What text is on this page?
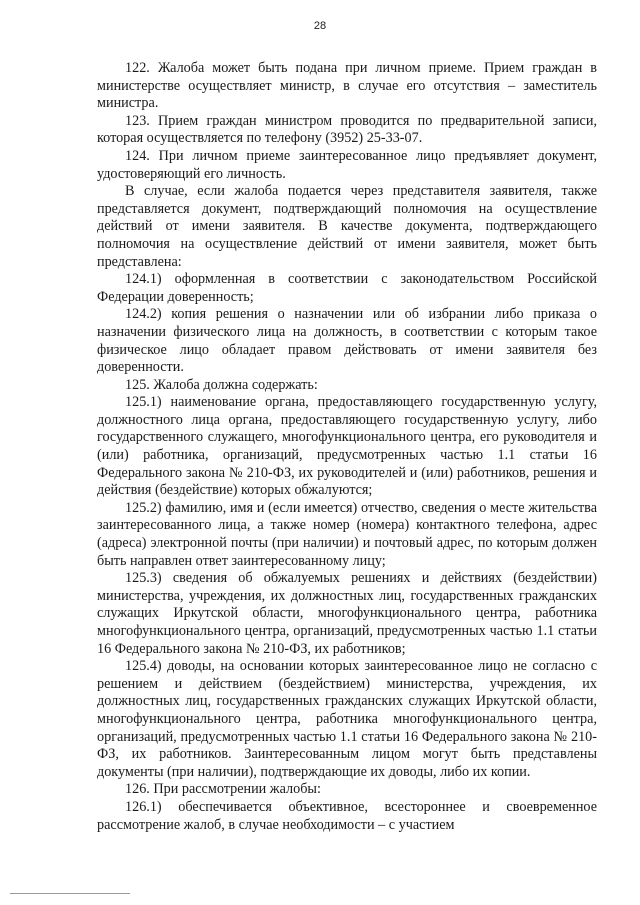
28

122. Жалоба может быть подана при личном приеме. Прием граждан в министерстве осуществляет министр, в случае его отсутствия – заместитель министра.

123. Прием граждан министром проводится по предварительной записи, которая осуществляется по телефону (3952) 25-33-07.

124. При личном приеме заинтересованное лицо предъявляет документ, удостоверяющий его личность.

В случае, если жалоба подается через представителя заявителя, также представляется документ, подтверждающий полномочия на осуществление действий от имени заявителя. В качестве документа, подтверждающего полномочия на осуществление действий от имени заявителя, может быть представлена:

124.1) оформленная в соответствии с законодательством Российской Федерации доверенность;

124.2) копия решения о назначении или об избрании либо приказа о назначении физического лица на должность, в соответствии с которым такое физическое лицо обладает правом действовать от имени заявителя без доверенности.

125. Жалоба должна содержать:

125.1) наименование органа, предоставляющего государственную услугу, должностного лица органа, предоставляющего государственную услугу, либо государственного служащего, многофункционального центра, его руководителя и (или) работника, организаций, предусмотренных частью 1.1 статьи 16 Федерального закона № 210-ФЗ, их руководителей и (или) работников, решения и действия (бездействие) которых обжалуются;

125.2) фамилию, имя и (если имеется) отчество, сведения о месте жительства заинтересованного лица, а также номер (номера) контактного телефона, адрес (адреса) электронной почты (при наличии) и почтовый адрес, по которым должен быть направлен ответ заинтересованному лицу;

125.3) сведения об обжалуемых решениях и действиях (бездействии) министерства, учреждения, их должностных лиц, государственных гражданских служащих Иркутской области, многофункционального центра, работника многофункционального центра, организаций, предусмотренных частью 1.1 статьи 16 Федерального закона № 210-ФЗ, их работников;

125.4) доводы, на основании которых заинтересованное лицо не согласно с решением и действием (бездействием) министерства, учреждения, их должностных лиц, государственных гражданских служащих Иркутской области, многофункционального центра, работника многофункционального центра, организаций, предусмотренных частью 1.1 статьи 16 Федерального закона № 210-ФЗ, их работников. Заинтересованным лицом могут быть представлены документы (при наличии), подтверждающие их доводы, либо их копии.

126. При рассмотрении жалобы:

126.1) обеспечивается объективное, всестороннее и своевременное рассмотрение жалоб, в случае необходимости – с участием
